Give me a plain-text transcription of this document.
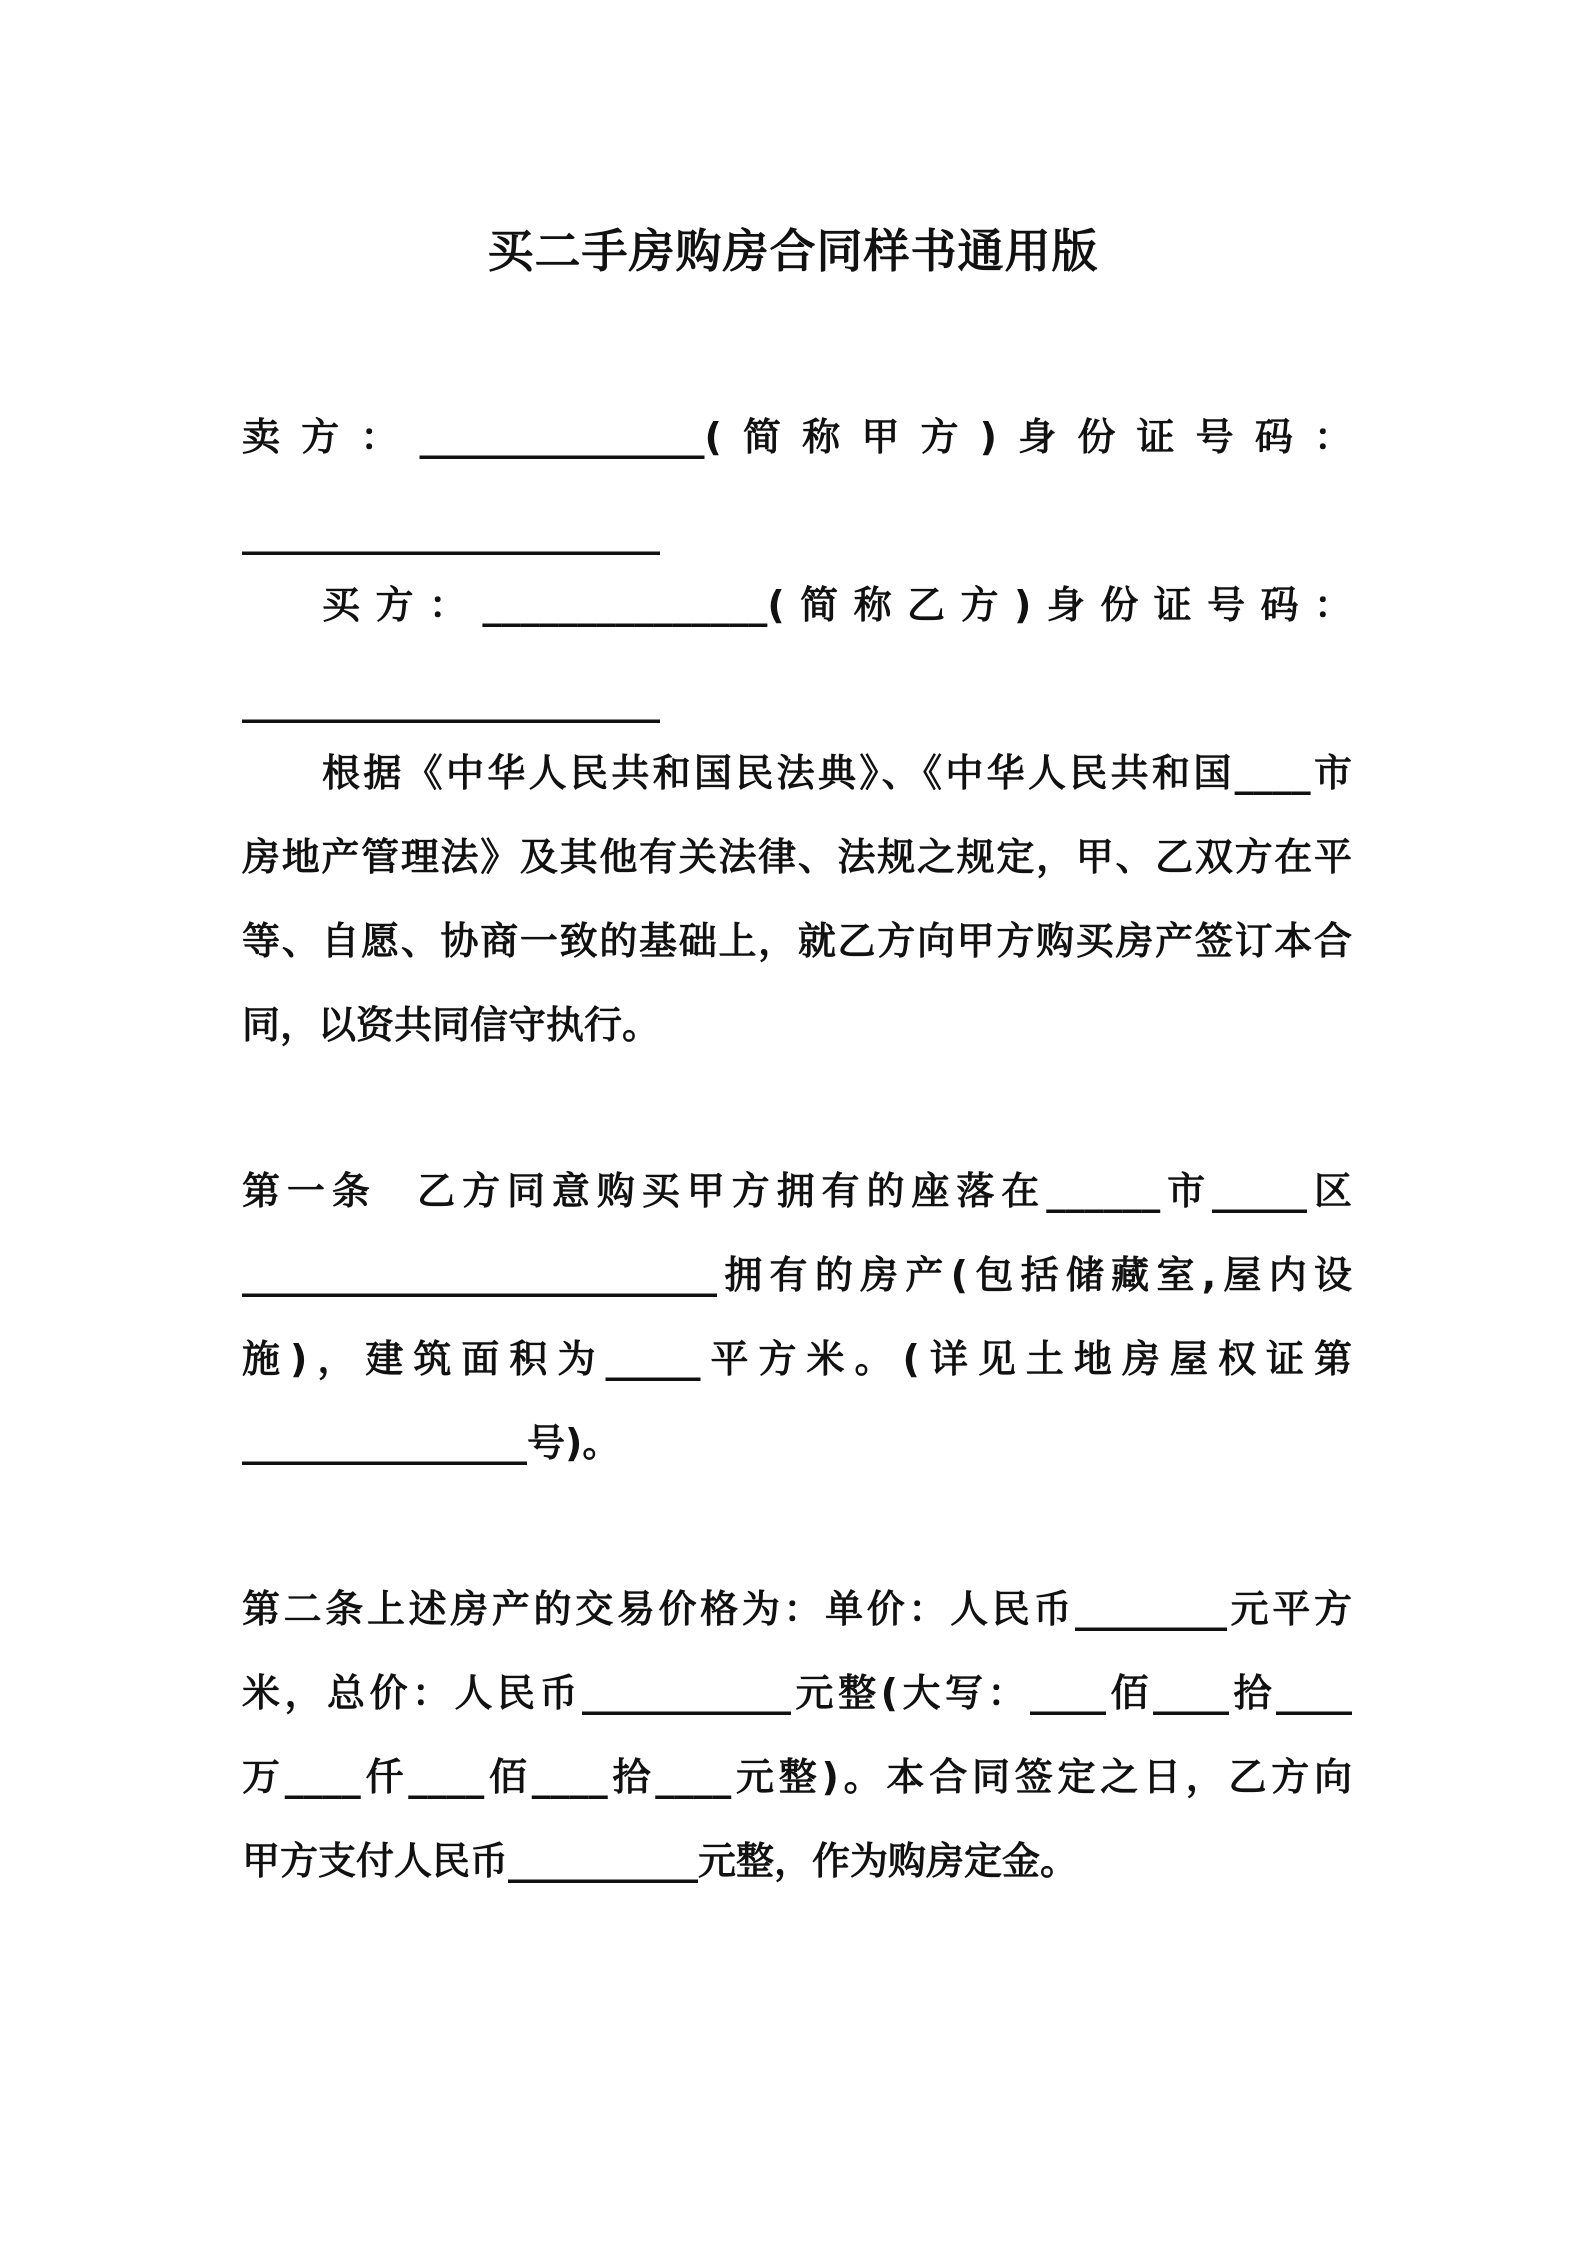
买二手房购房合同样书通用版
卖方：_______________(简称甲方)身份证号码：
______________________
买方：_______________(简称乙方)身份证号码：
______________________
根据《中华人民共和国民法典》、《中华人民共和国____市
房地产管理法》及其他有关法律、法规之规定，甲、乙双方在平
等、自愿、协商一致的基础上，就乙方向甲方购买房产签订本合
同，以资共同信守执行。
第一条  乙方同意购买甲方拥有的座落在______市_____区
_________________________拥有的房产(包括储藏室,屋内设
施)，建筑面积为_____平方米。(详见土地房屋权证第
_______________号)。
第二条上述房产的交易价格为：单价：人民币________元平方
米，总价：人民币___________元整(大写：____佰____拾____
万____仟____佰____拾____元整)。本合同签定之日，乙方向
甲方支付人民币__________元整，作为购房定金。
